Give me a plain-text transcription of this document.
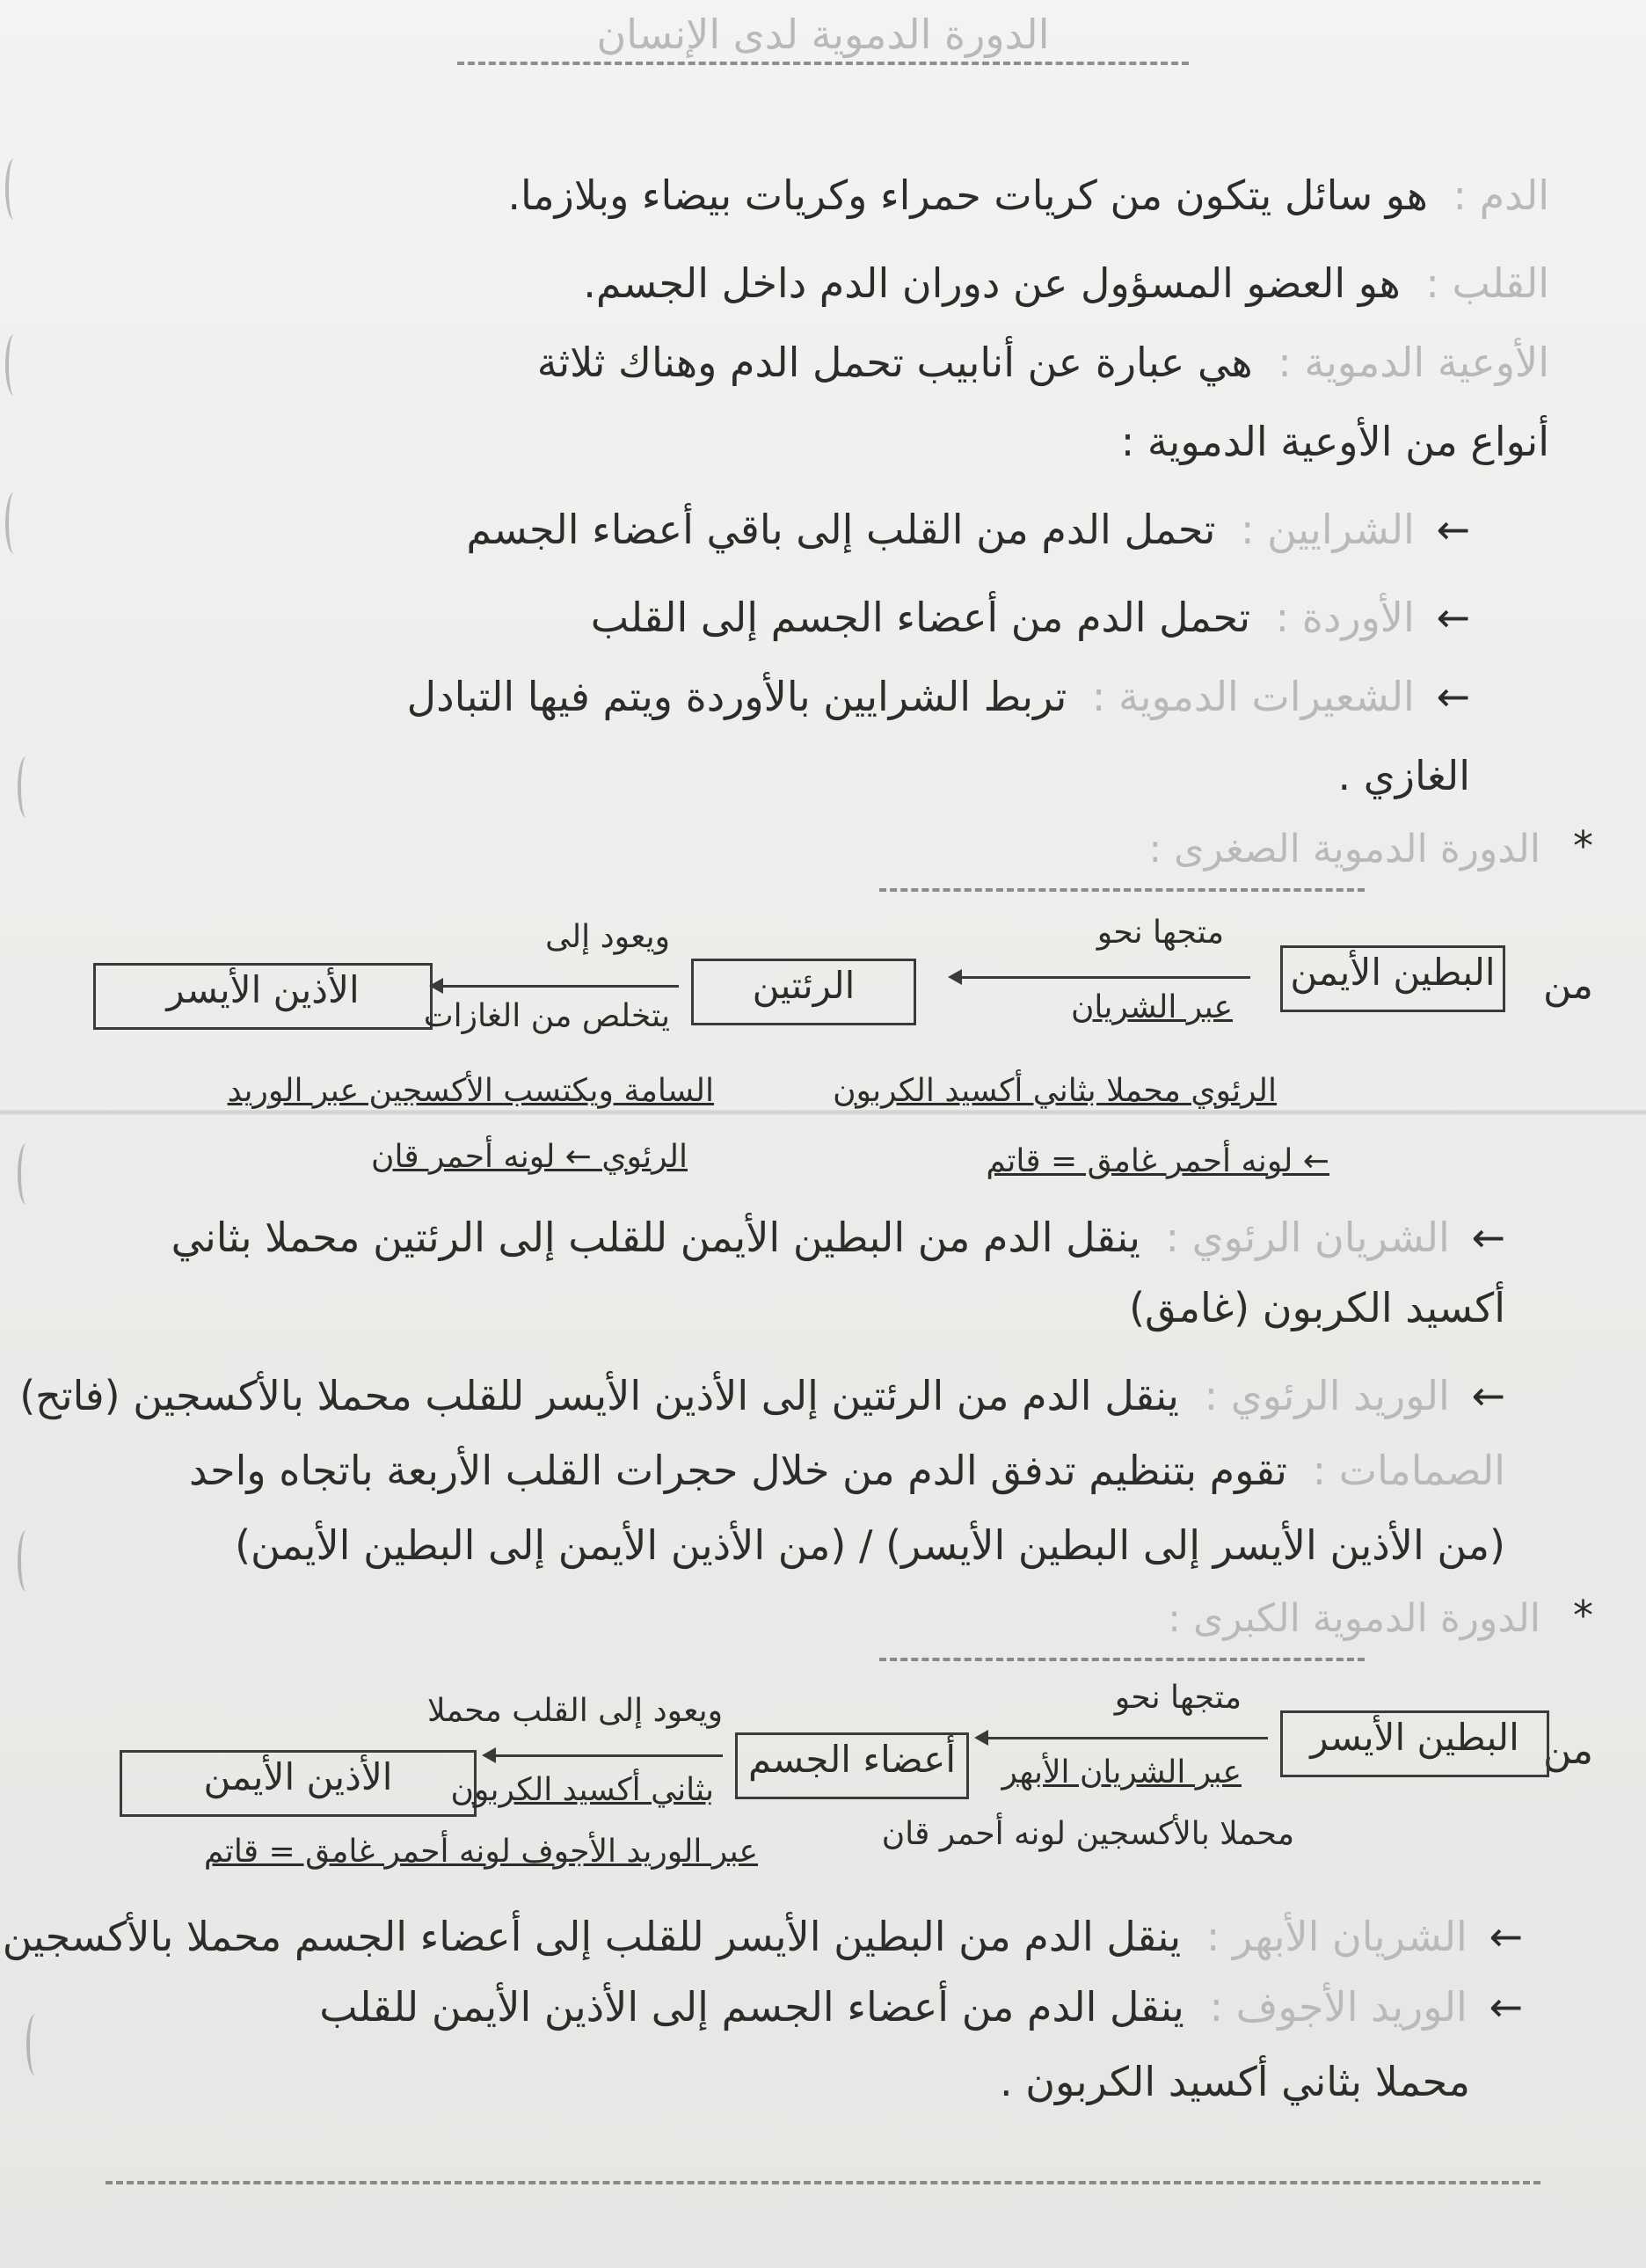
الدورة الدموية لدى الإنسان
الدم : هو سائل يتكون من كريات حمراء وكريات بيضاء وبلازما.
القلب : هو العضو المسؤول عن دوران الدم داخل الجسم.
الأوعية الدموية : هي عبارة عن أنابيب تحمل الدم وهناك ثلاثة
أنواع من الأوعية الدموية :
← الشرايين : تحمل الدم من القلب إلى باقي أعضاء الجسم
← الأوردة : تحمل الدم من أعضاء الجسم إلى القلب
← الشعيرات الدموية : تربط الشرايين بالأوردة ويتم فيها التبادل
الغازي .
*
الدورة الدموية الصغرى :
من
البطين الأيمن
الرئتين
الأذين الأيسر
متجها نحو
عبر الشريان
الرئوي محملا بثاني أكسيد الكربون
ويعود إلى
يتخلص من الغازات
السامة ويكتسب الأكسجين عبر الوريد
الرئوي ← لونه أحمر قان	← لونه أحمر غامق = قاتم
← الشريان الرئوي : ينقل الدم من البطين الأيمن للقلب إلى الرئتين محملا بثاني
أكسيد الكربون (غامق)
← الوريد الرئوي : ينقل الدم من الرئتين إلى الأذين الأيسر للقلب محملا بالأكسجين (فاتح)
الصمامات : تقوم بتنظيم تدفق الدم من خلال حجرات القلب الأربعة باتجاه واحد
(من الأذين الأيسر إلى البطين الأيسر) / (من الأذين الأيمن إلى البطين الأيمن)
*
الدورة الدموية الكبرى :
من
البطين الأيسر
أعضاء الجسم
الأذين الأيمن
متجها نحو
عبر الشريان الأبهر
محملا بالأكسجين لونه أحمر قان
ويعود إلى القلب محملا
بثاني أكسيد الكربون
عبر الوريد الأجوف لونه أحمر غامق = قاتم
← الشريان الأبهر : ينقل الدم من البطين الأيسر للقلب إلى أعضاء الجسم محملا بالأكسجين
← الوريد الأجوف : ينقل الدم من أعضاء الجسم إلى الأذين الأيمن للقلب
محملا بثاني أكسيد الكربون .
